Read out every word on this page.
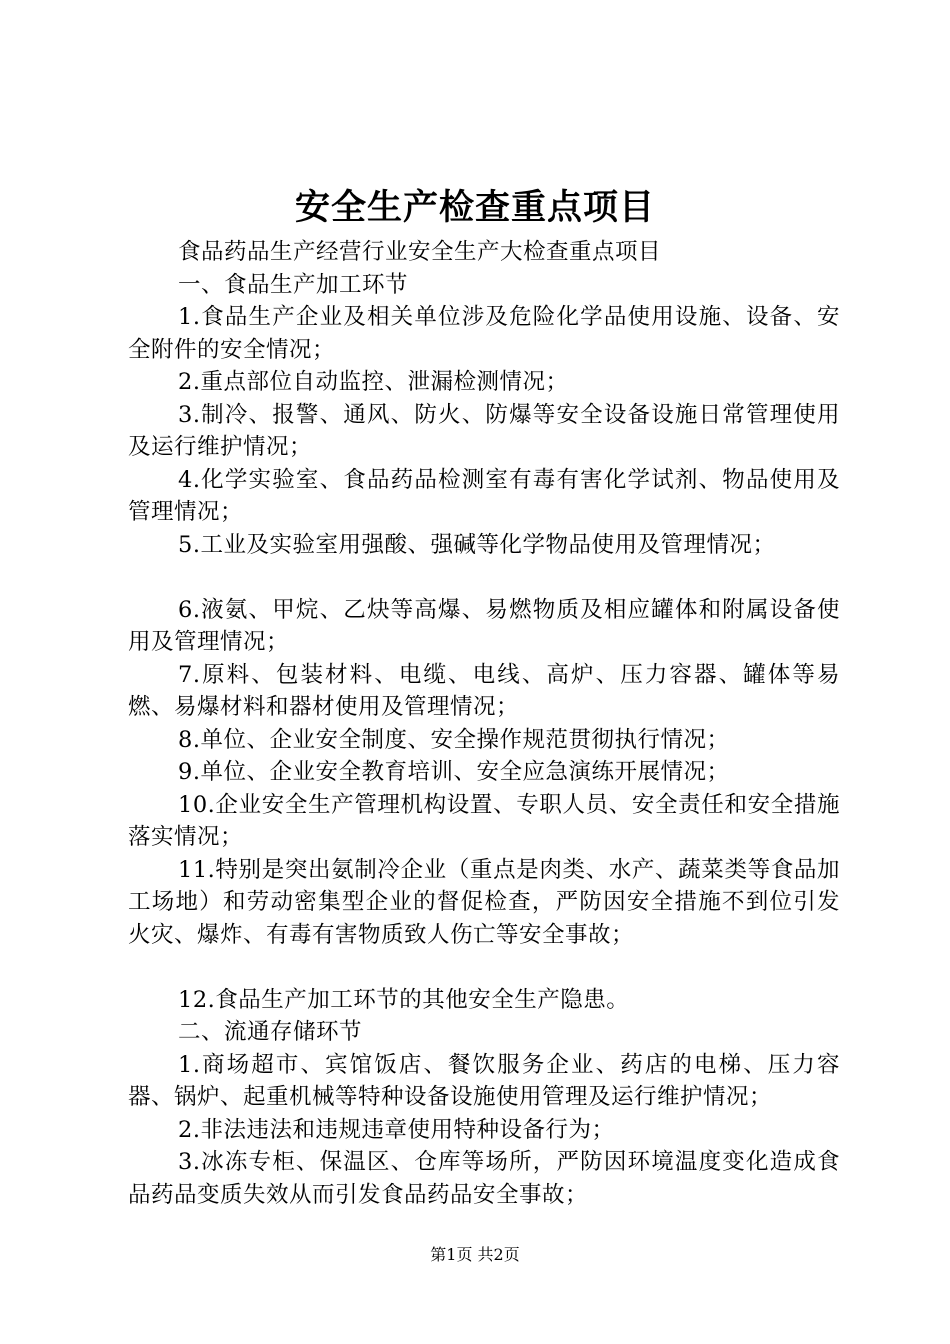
安全生产检查重点项目

食品药品生产经营行业安全生产大检查重点项目

一、食品生产加工环节

1.食品生产企业及相关单位涉及危险化学品使用设施、设备、安全附件的安全情况；

2.重点部位自动监控、泄漏检测情况；

3.制冷、报警、通风、防火、防爆等安全设备设施日常管理使用及运行维护情况；

4.化学实验室、食品药品检测室有毒有害化学试剂、物品使用及管理情况；

5.工业及实验室用强酸、强碱等化学物品使用及管理情况；

6.液氨、甲烷、乙炔等高爆、易燃物质及相应罐体和附属设备使用及管理情况；

7.原料、包装材料、电缆、电线、高炉、压力容器、罐体等易燃、易爆材料和器材使用及管理情况；

8.单位、企业安全制度、安全操作规范贯彻执行情况；

9.单位、企业安全教育培训、安全应急演练开展情况；

10.企业安全生产管理机构设置、专职人员、安全责任和安全措施落实情况；

11.特别是突出氨制冷企业（重点是肉类、水产、蔬菜类等食品加工场地）和劳动密集型企业的督促检查，严防因安全措施不到位引发火灾、爆炸、有毒有害物质致人伤亡等安全事故；

12.食品生产加工环节的其他安全生产隐患。

二、流通存储环节

1.商场超市、宾馆饭店、餐饮服务企业、药店的电梯、压力容器、锅炉、起重机械等特种设备设施使用管理及运行维护情况；

2.非法违法和违规违章使用特种设备行为；

3.冰冻专柜、保温区、仓库等场所，严防因环境温度变化造成食品药品变质失效从而引发食品药品安全事故；

第1页 共2页
